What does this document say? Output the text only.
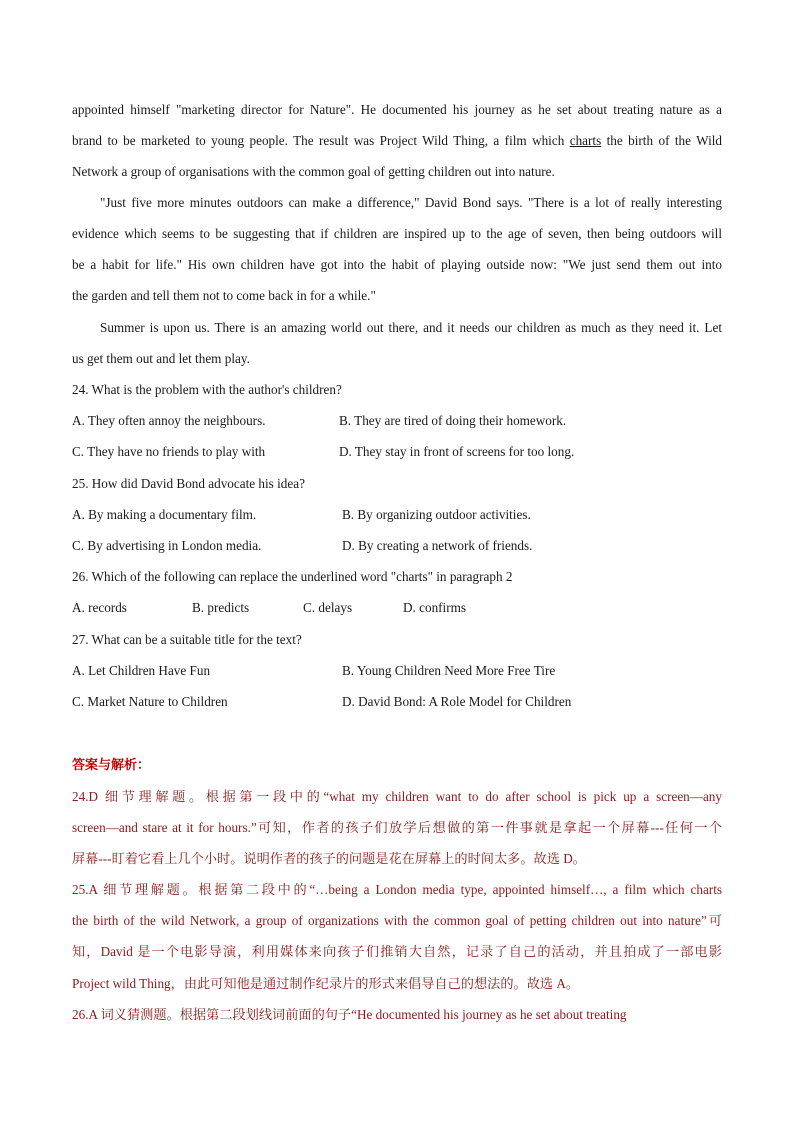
appointed himself "marketing director for Nature". He documented his journey as he set about treating nature as a
brand to be marketed to young people. The result was Project Wild Thing, a film which charts the birth of the Wild
Network a group of organisations with the common goal of getting children out into nature.
"Just five more minutes outdoors can make a difference," David Bond says. "There is a lot of really interesting
evidence which seems to be suggesting that if children are inspired up to the age of seven, then being outdoors will
be a habit for life." His own children have got into the habit of playing outside now: "We just send them out into
the garden and tell them not to come back in for a while."
Summer is upon us. There is an amazing world out there, and it needs our children as much as they need it. Let
us get them out and let them play.
24. What is the problem with the author's children?
A. They often annoy the neighbours.	B. They are tired of doing their homework.
C. They have no friends to play with	D. They stay in front of screens for too long.
25. How did David Bond advocate his idea?
A. By making a documentary film.	B. By organizing outdoor activities.
C. By advertising in London media.	D. By creating a network of friends.
26. Which of the following can replace the underlined word "charts" in paragraph 2
A. records	B. predicts	C. delays	D. confirms
27. What can be a suitable title for the text?
A. Let Children Have Fun	B. Young Children Need More Free Tire
C. Market Nature to Children	D. David Bond: A Role Model for Children
答案与解析：
24.D 细节理解题。根据第一段中的“what my children want to do after school is pick up a screen—any
screen—and stare at it for hours.”可知，作者的孩子们放学后想做的第一件事就是拿起一个屏幕---任何一个
屏幕---盯着它看上几个小时。说明作者的孩子的问题是花在屏幕上的时间太多。故选 D。
25.A 细节理解题。根据第二段中的“…being a London media type, appointed himself…, a film which charts
the birth of the wild Network, a group of organizations with the common goal of petting children out into nature”可
知，David 是一个电影导演，利用媒体来向孩子们推销大自然，记录了自己的活动，并且拍成了一部电影
Project wild Thing，由此可知他是通过制作纪录片的形式来倡导自己的想法的。故选 A。
26.A 词义猜测题。根据第二段划线词前面的句子“He documented his journey as he set about treating
